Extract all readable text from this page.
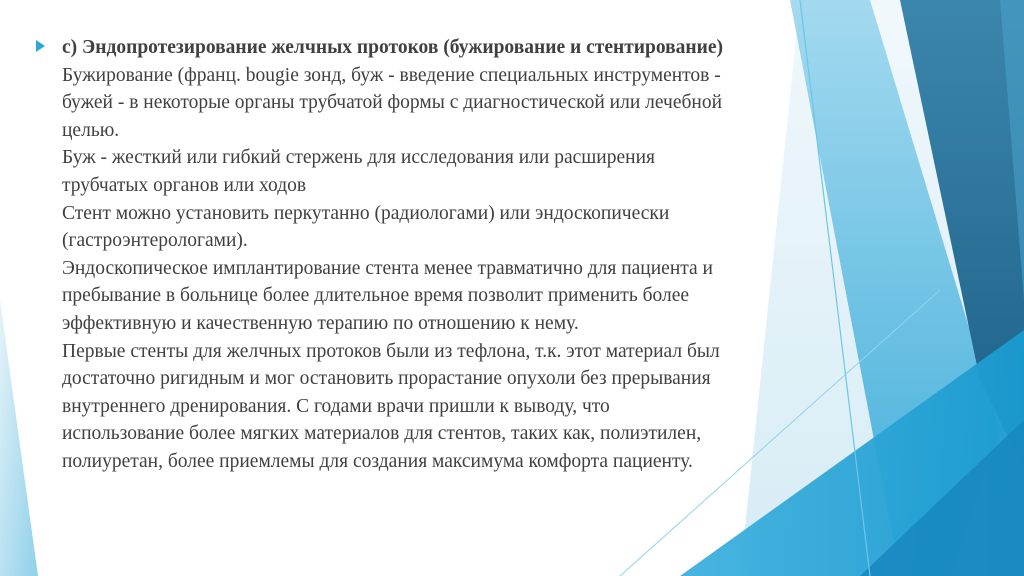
с) Эндопротезирование желчных протоков (бужирование и стентирование)
Бужирование (франц. bougie зонд, буж - введение специальных инструментов -
бужей - в некоторые органы трубчатой формы с диагностической или лечебной
целью.
Буж - жесткий или гибкий стержень для исследования или расширения
трубчатых органов или ходов
Стент можно установить перкутанно (радиологами) или эндоскопически
(гастроэнтерологами).
Эндоскопическое имплантирование стента менее травматично для пациента и
пребывание в больнице более длительное время позволит применить более
эффективную и качественную терапию по отношению к нему.
Первые стенты для желчных протоков были из тефлона, т.к. этот материал был
достаточно ригидным и мог остановить прорастание опухоли без прерывания
внутреннего дренирования. С годами врачи пришли к выводу, что
использование более мягких материалов для стентов, таких как, полиэтилен,
полиуретан, более приемлемы для создания максимума комфорта пациенту.
